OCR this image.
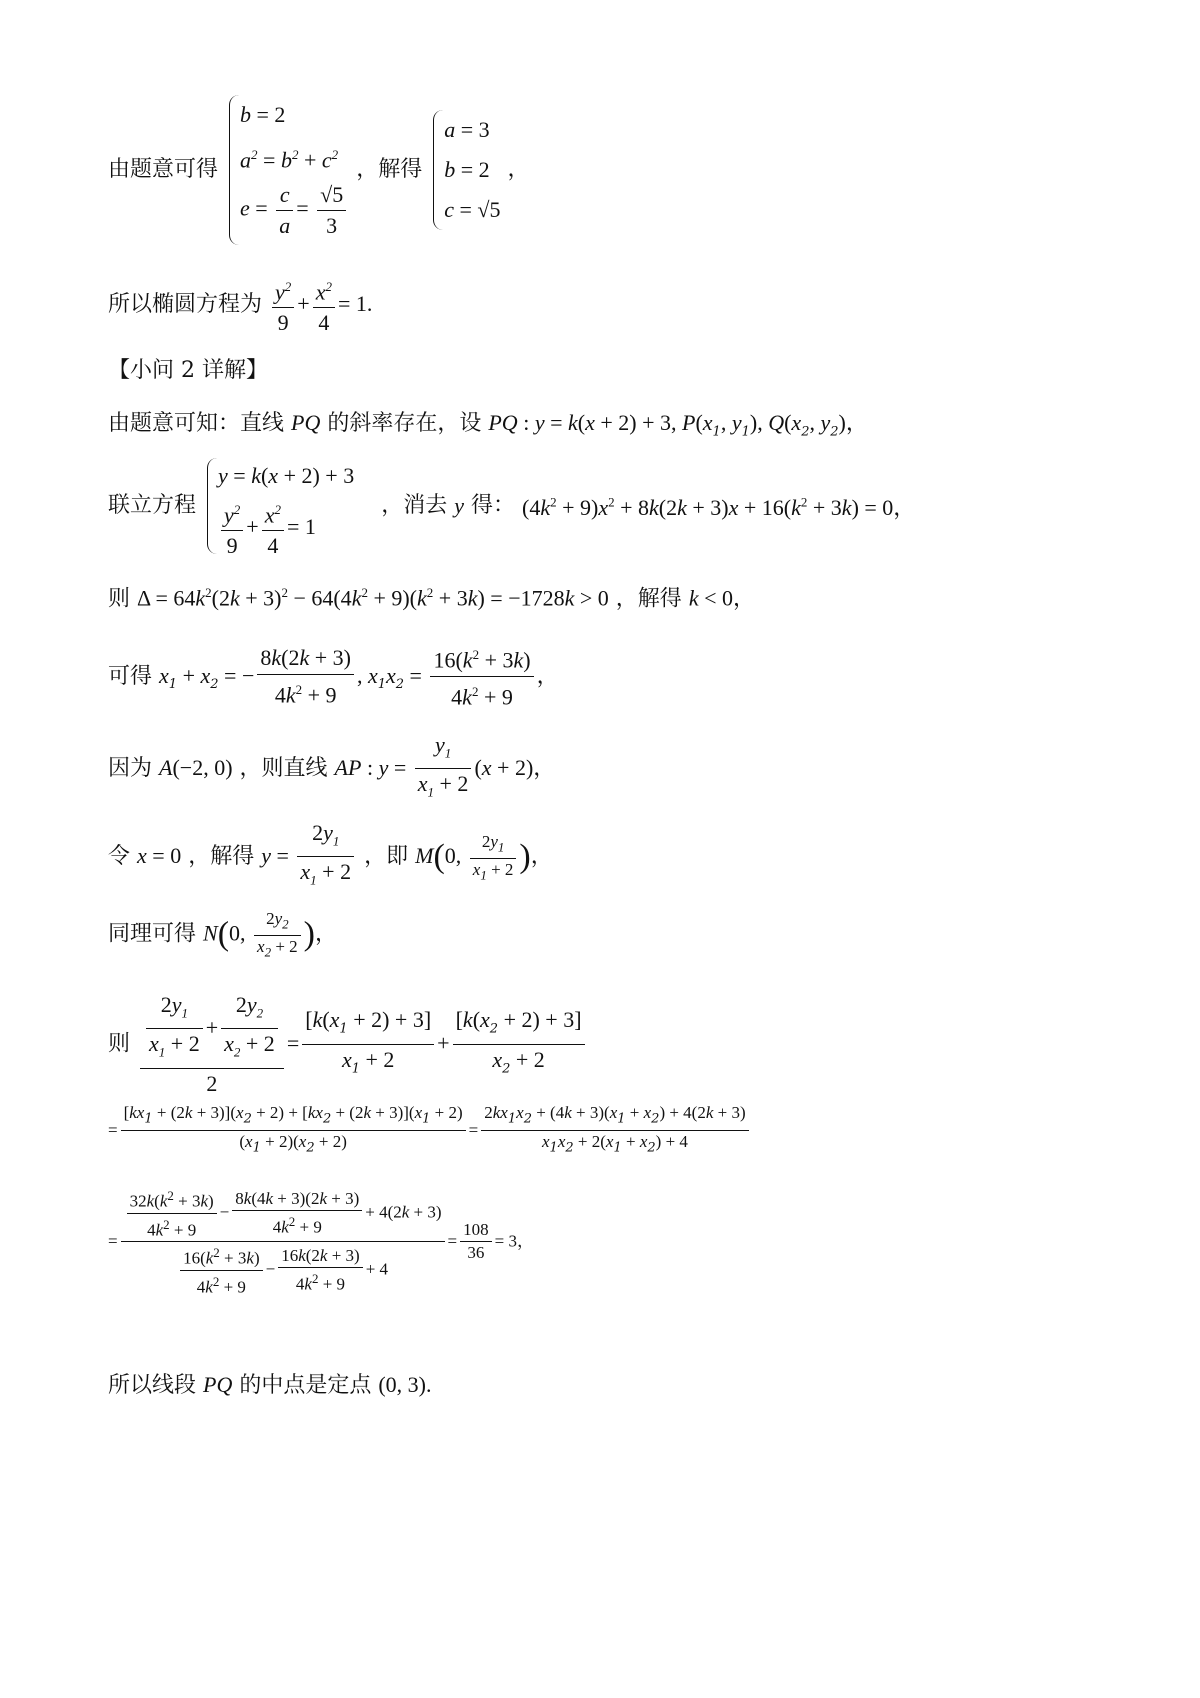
由题意可得
b = 2
$a^2 = b^2 + c^2$
$e = \frac{c}{a} = \frac{√5}{3}$
，解得
a = 3
b = 2
c = √5
，
所以椭圆方程为 $\frac{y^2}{9} + \frac{x^2}{4} = 1$.
【小问 2 详解】
由题意可知：直线 PQ 的斜率存在，设 PQ : y = k(x + 2) + 3, $P(x_1$, $y_1$), $Q(x_2$, $y_2$)，
联立方程
y = k(x + 2) + 3
$\frac{y^2}{9} + \frac{x^2}{4} = 1$
，消去 y 得： $(4k^2 + 9)x^2 + 8k(2k + 3)x + 16(k^2 + 3k) = 0$，
则 $\Delta = 64k^2(2k + 3)^2 - 64(4k^2 + 9)(k^2 + 3k) = -1728k > 0$ ，解得 k < 0，
可得 $x_1 + x_2$ = − $\frac{8k(2k + 3)}{4k^2 + 9}$ , $x_1x_2 = \frac{16(k^2 + 3k)}{4k^2 + 9}$ ，
因为 A(−2, 0) ，则直线 AP : $y = \frac{y_1}{x_1 + 2} (x + 2)$，
令 x = 0 ，解得 $y = \frac{2y_1}{x_1 + 2}$ ，即 M(0, $\frac{2y_1}{x_1 + 2}$ )，
同理可得 N(0, $\frac{2y_2}{x_2 + 2}$ )，
则 $\frac{\frac{2y_1}{x_1 + 2} + \frac{2y_2}{x_2 + 2}}{2} = \frac{[k(x_1 + 2) + 3]}{x_1 + 2} + \frac{[k(x_2 + 2) + 3]}{x_2 + 2}$
= $\frac{[kx_1 + (2k + 3)](x_2 + 2) + [kx_2 + (2k + 3)](x_1 + 2)}{(x_1 + 2)(x_2 + 2)} = \frac{2kx_1x_2 + (4k + 3)(x_1 + x_2) + 4(2k + 3)}{x_1x_2 + 2(x_1 + x_2) + 4}$
= $\frac{\frac{32k(k^2 + 3k)}{4k^2 + 9} - \frac{8k(4k + 3)(2k + 3)}{4k^2 + 9} + 4(2k + 3)}{\frac{16(k^2 + 3k)}{4k^2 + 9} - \frac{16k(2k + 3)}{4k^2 + 9} + 4} = \frac{108}{36} = 3$，
所以线段 PQ 的中点是定点 (0, 3).
